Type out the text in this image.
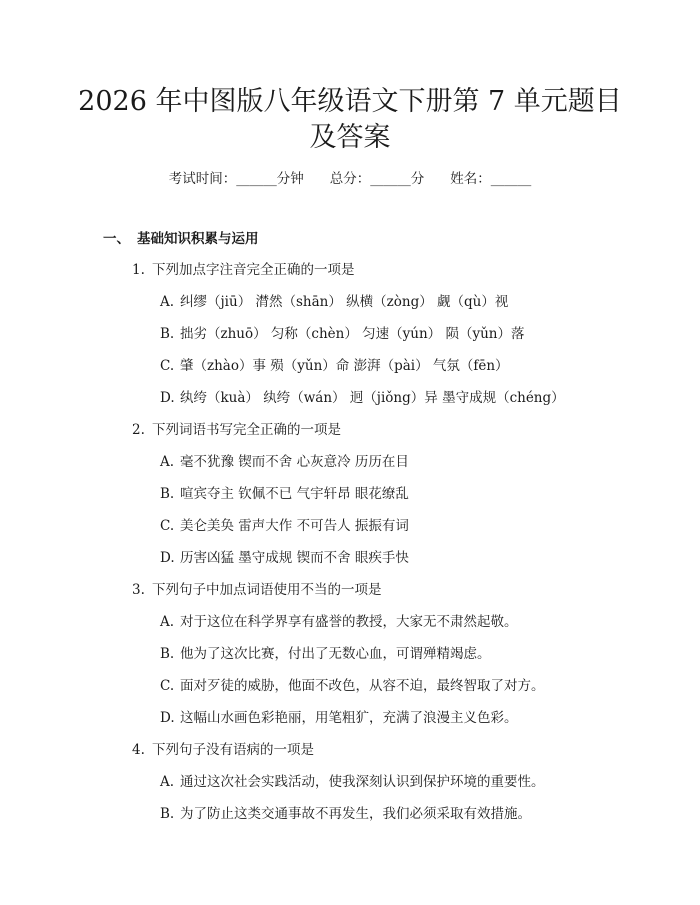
2026 年中图版八年级语文下册第 7 单元题目
及答案
考试时间：______分钟 总分：______分 姓名：______
一、 基础知识积累与运用
1. 下列加点字注音完全正确的一项是
A. 纠缪（jiū） 潸然（shān） 纵横（zòng） 觑（qù）视
B. 拙劣（zhuō） 匀称（chèn） 匀速（yún） 陨（yǔn）落
C. 肇（zhào）事 殒（yǔn）命 澎湃（pài） 气氛（fēn）
D. 纨绔（kuà） 纨绔（wán） 迥（jiǒng）异 墨守成规（chéng）
2. 下列词语书写完全正确的一项是
A. 毫不犹豫 锲而不舍 心灰意冷 历历在目
B. 喧宾夺主 钦佩不已 气宇轩昂 眼花缭乱
C. 美仑美奂 雷声大作 不可告人 振振有词
D. 历害凶猛 墨守成规 锲而不舍 眼疾手快
3. 下列句子中加点词语使用不当的一项是
A. 对于这位在科学界享有盛誉的教授，大家无不肃然起敬。
B. 他为了这次比赛，付出了无数心血，可谓殚精竭虑。
C. 面对歹徒的威胁，他面不改色，从容不迫，最终智取了对方。
D. 这幅山水画色彩艳丽，用笔粗犷，充满了浪漫主义色彩。
4. 下列句子没有语病的一项是
A. 通过这次社会实践活动，使我深刻认识到保护环境的重要性。
B. 为了防止这类交通事故不再发生，我们必须采取有效措施。
